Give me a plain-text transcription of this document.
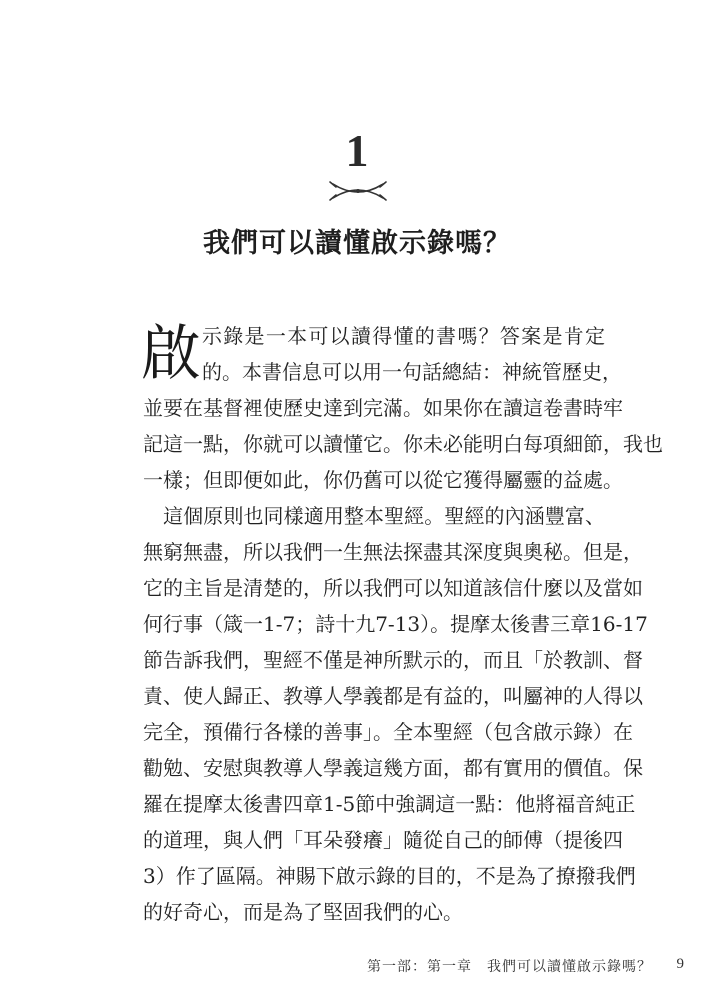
1
我們可以讀懂啟示錄嗎？
啟 示錄是一本可以讀得懂的書嗎？答案是肯定
的。本書信息可以用一句話總結：神統管歷史，
並要在基督裡使歷史達到完滿。如果你在讀這卷書時牢
記這一點，你就可以讀懂它。你未必能明白每項細節，我也
一樣；但即便如此，你仍舊可以從它獲得屬靈的益處。
　這個原則也同樣適用整本聖經。聖經的內涵豐富、
無窮無盡，所以我們一生無法探盡其深度與奧秘。但是，
它的主旨是清楚的，所以我們可以知道該信什麼以及當如
何行事（箴一1-7；詩十九7-13）。提摩太後書三章16-17
節告訴我們，聖經不僅是神所默示的，而且「於教訓、督
責、使人歸正、教導人學義都是有益的，叫屬神的人得以
完全，預備行各樣的善事」。全本聖經（包含啟示錄）在
勸勉、安慰與教導人學義這幾方面，都有實用的價值。保
羅在提摩太後書四章1-5節中強調這一點：他將福音純正
的道理，與人們「耳朵發癢」隨從自己的師傅（提後四
3）作了區隔。神賜下啟示錄的目的，不是為了撩撥我們
的好奇心，而是為了堅固我們的心。
第一部：第一章　我們可以讀懂啟示錄嗎？ 9
